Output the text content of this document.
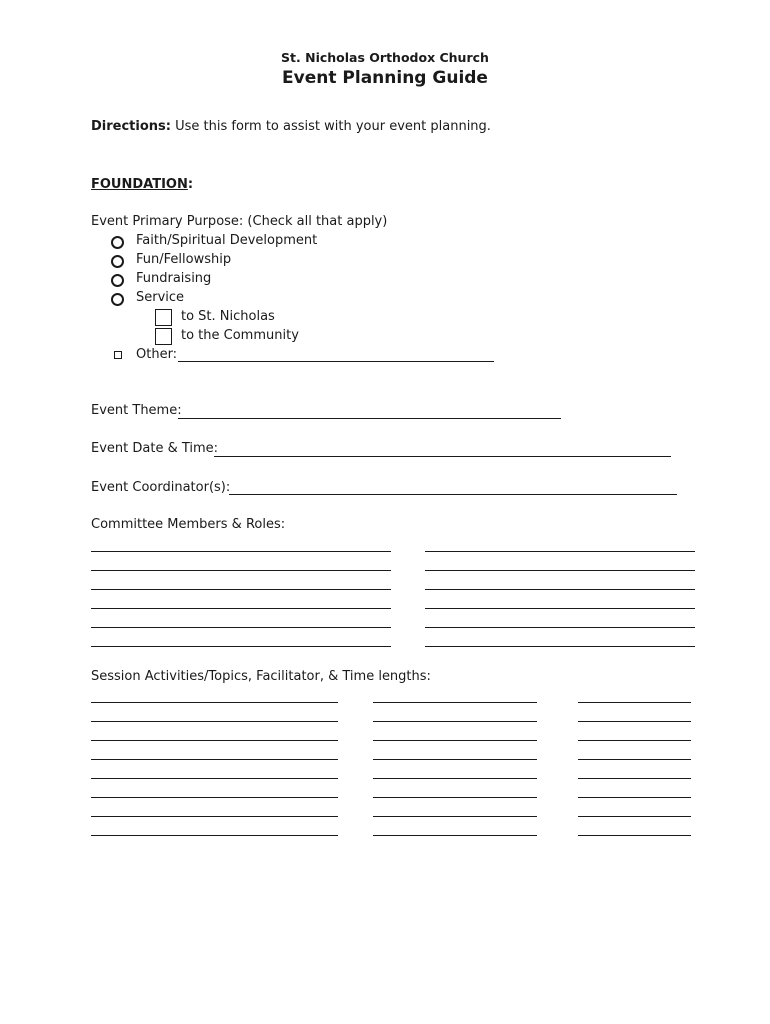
St. Nicholas Orthodox Church
Event Planning Guide
Directions: Use this form to assist with your event planning.
FOUNDATION:
Event Primary Purpose: (Check all that apply)
Faith/Spiritual Development
Fun/Fellowship
Fundraising
Service
to St. Nicholas
to the Community
Other:
Event Theme:
Event Date & Time:
Event Coordinator(s):
Committee Members & Roles:
Session Activities/Topics, Facilitator, & Time lengths:
